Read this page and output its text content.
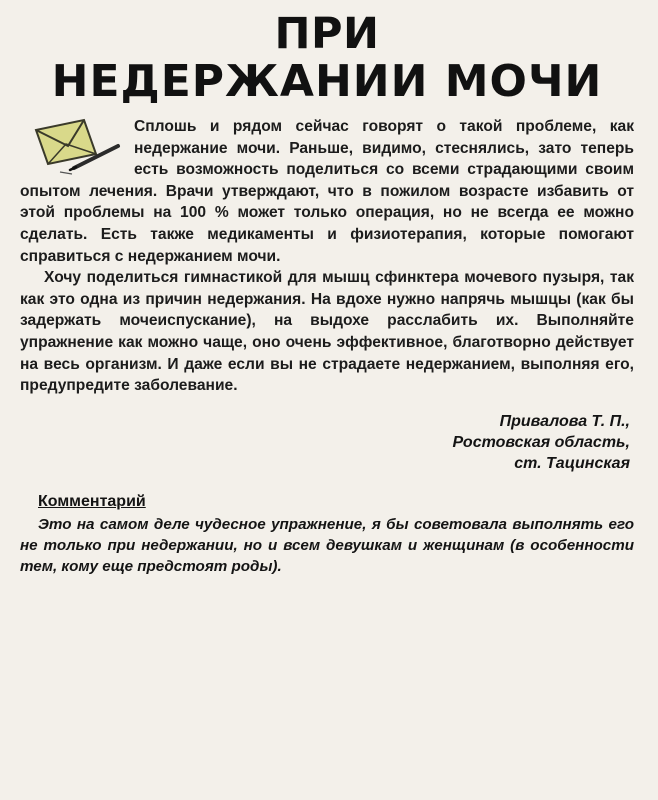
ПРИ
НЕДЕРЖАНИИ МОЧИ

Сплошь и рядом сейчас говорят о такой проблеме, как недержание мочи. Раньше, видимо, стеснялись, зато теперь есть возможность поделиться со всеми страдающими своим опытом лечения. Врачи утверждают, что в пожилом возрасте избавить от этой проблемы на 100 % может только операция, но не всегда ее можно сделать. Есть также медикаменты и физиотерапия, которые помогают справиться с недержанием мочи.

Хочу поделиться гимнастикой для мышц сфинктера мочевого пузыря, так как это одна из причин недержания. На вдохе нужно напрячь мышцы (как бы задержать мочеиспускание), на выдохе расслабить их. Выполняйте упражнение как можно чаще, оно очень эффективное, благотворно действует на весь организм. И даже если вы не страдаете недержанием, выполняя его, предупредите заболевание.

Привалова Т. П.,
Ростовская область,
ст. Тацинская
Комментарий

Это на самом деле чудесное упражнение, я бы советовала выполнять его не только при недержании, но и всем девушкам и женщинам (в особенности тем, кому еще предстоят роды).
